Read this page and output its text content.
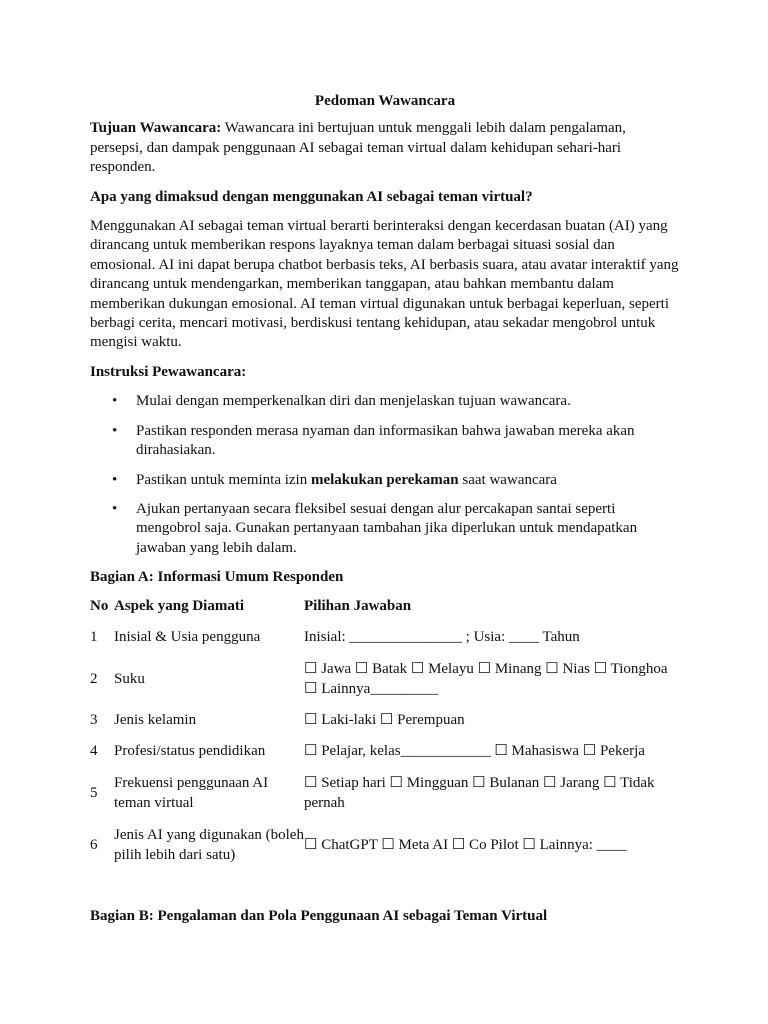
Pedoman Wawancara

Tujuan Wawancara: Wawancara ini bertujuan untuk menggali lebih dalam pengalaman, persepsi, dan dampak penggunaan AI sebagai teman virtual dalam kehidupan sehari-hari responden.

Apa yang dimaksud dengan menggunakan AI sebagai teman virtual?

Menggunakan AI sebagai teman virtual berarti berinteraksi dengan kecerdasan buatan (AI) yang dirancang untuk memberikan respons layaknya teman dalam berbagai situasi sosial dan emosional. AI ini dapat berupa chatbot berbasis teks, AI berbasis suara, atau avatar interaktif yang dirancang untuk mendengarkan, memberikan tanggapan, atau bahkan membantu dalam memberikan dukungan emosional. AI teman virtual digunakan untuk berbagai keperluan, seperti berbagi cerita, mencari motivasi, berdiskusi tentang kehidupan, atau sekadar mengobrol untuk mengisi waktu.

Instruksi Pewawancara:

• Mulai dengan memperkenalkan diri dan menjelaskan tujuan wawancara.
• Pastikan responden merasa nyaman dan informasikan bahwa jawaban mereka akan dirahasiakan.
• Pastikan untuk meminta izin melakukan perekaman saat wawancara
• Ajukan pertanyaan secara fleksibel sesuai dengan alur percakapan santai seperti mengobrol saja. Gunakan pertanyaan tambahan jika diperlukan untuk mendapatkan jawaban yang lebih dalam.

Bagian A: Informasi Umum Responden

No	Aspek yang Diamati	Pilihan Jawaban
1	Inisial & Usia pengguna	Inisial: _______________ ; Usia: ____ Tahun
2	Suku	☐ Jawa ☐ Batak ☐ Melayu ☐ Minang ☐ Nias ☐ Tionghoa ☐ Lainnya_________
3	Jenis kelamin	☐ Laki-laki ☐ Perempuan
4	Profesi/status pendidikan	☐ Pelajar, kelas____________ ☐ Mahasiswa ☐ Pekerja
5	Frekuensi penggunaan AI teman virtual	☐ Setiap hari ☐ Mingguan ☐ Bulanan ☐ Jarang ☐ Tidak pernah
6	Jenis AI yang digunakan (boleh pilih lebih dari satu)	☐ ChatGPT ☐ Meta AI ☐ Co Pilot ☐ Lainnya: ____

Bagian B: Pengalaman dan Pola Penggunaan AI sebagai Teman Virtual
